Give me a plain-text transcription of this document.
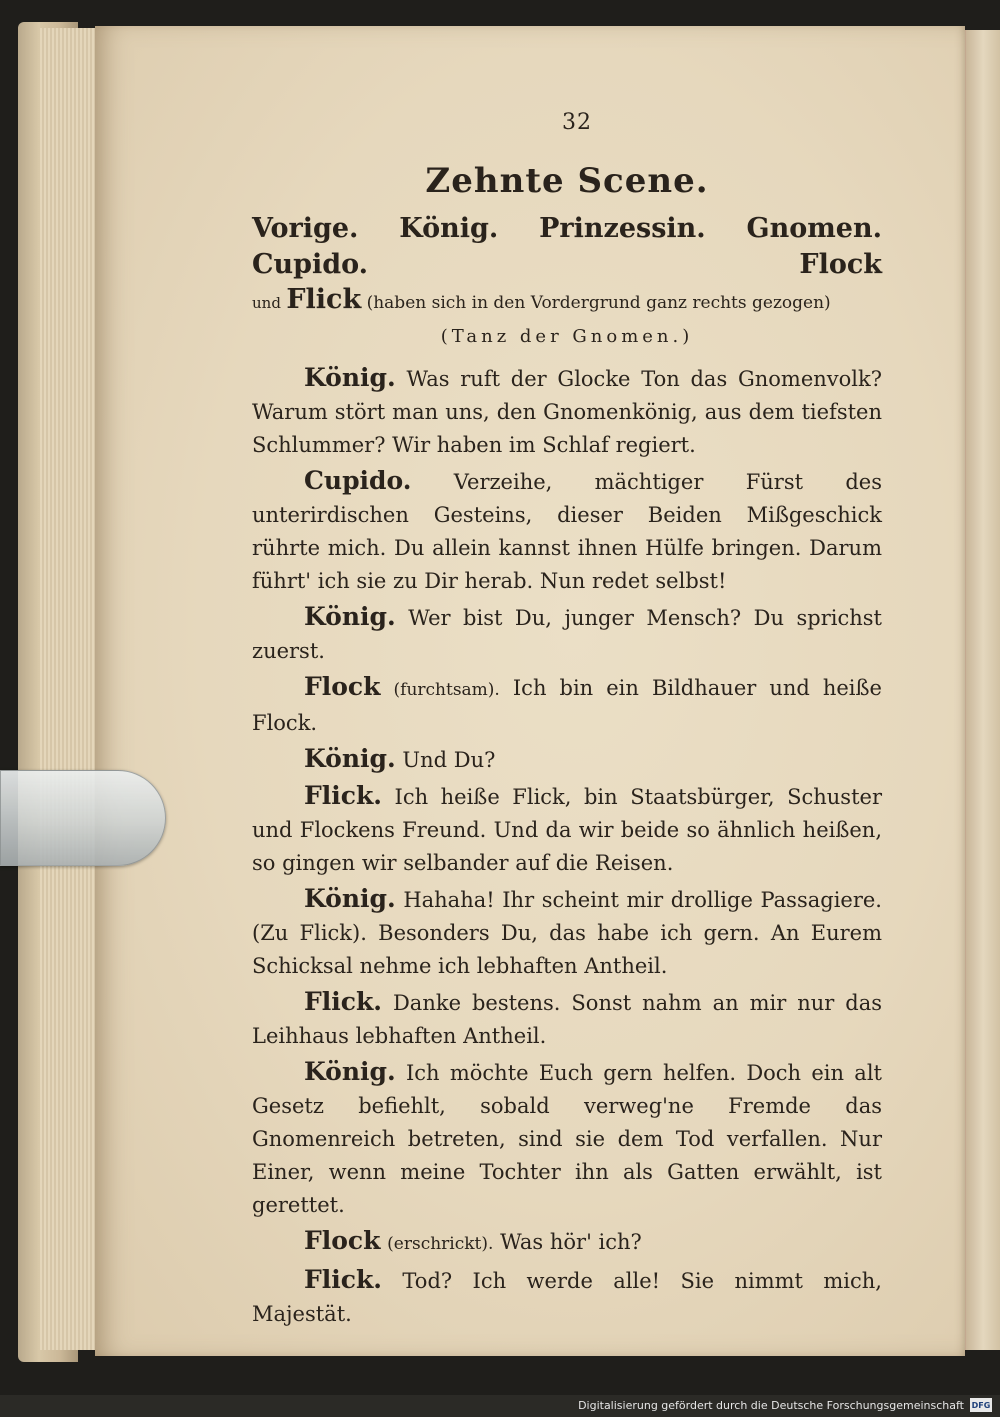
32
Zehnte Scene.
Vorige. König. Prinzessin. Gnomen. Cupido. Flock
und Flick (haben sich in den Vordergrund ganz rechts gezogen)
(Tanz der Gnomen.)

König. Was ruft der Glocke Ton das Gnomenvolk? Warum stört man uns, den Gnomenkönig, aus dem tiefsten Schlummer? Wir haben im Schlaf regiert.

Cupido. Verzeihe, mächtiger Fürst des unterirdischen Gesteins, dieser Beiden Mißgeschick rührte mich. Du allein kannst ihnen Hülfe bringen. Darum führt' ich sie zu Dir herab. Nun redet selbst!

König. Wer bist Du, junger Mensch? Du sprichst zuerst.

Flock (furchtsam). Ich bin ein Bildhauer und heiße Flock.

König. Und Du?

Flick. Ich heiße Flick, bin Staatsbürger, Schuster und Flockens Freund. Und da wir beide so ähnlich heißen, so gingen wir selbander auf die Reisen.

König. Hahaha! Ihr scheint mir drollige Passagiere. (Zu Flick). Besonders Du, das habe ich gern. An Eurem Schicksal nehme ich lebhaften Antheil.

Flick. Danke bestens. Sonst nahm an mir nur das Leihhaus lebhaften Antheil.

König. Ich möchte Euch gern helfen. Doch ein alt Gesetz befiehlt, sobald verweg'ne Fremde das Gnomenreich betreten, sind sie dem Tod verfallen. Nur Einer, wenn meine Tochter ihn als Gatten erwählt, ist gerettet.

Flock (erschrickt). Was hör' ich?

Flick. Tod? Ich werde alle! Sie nimmt mich, Majestät.

Digitalisierung gefördert durch die Deutsche Forschungsgemeinschaft DFG
